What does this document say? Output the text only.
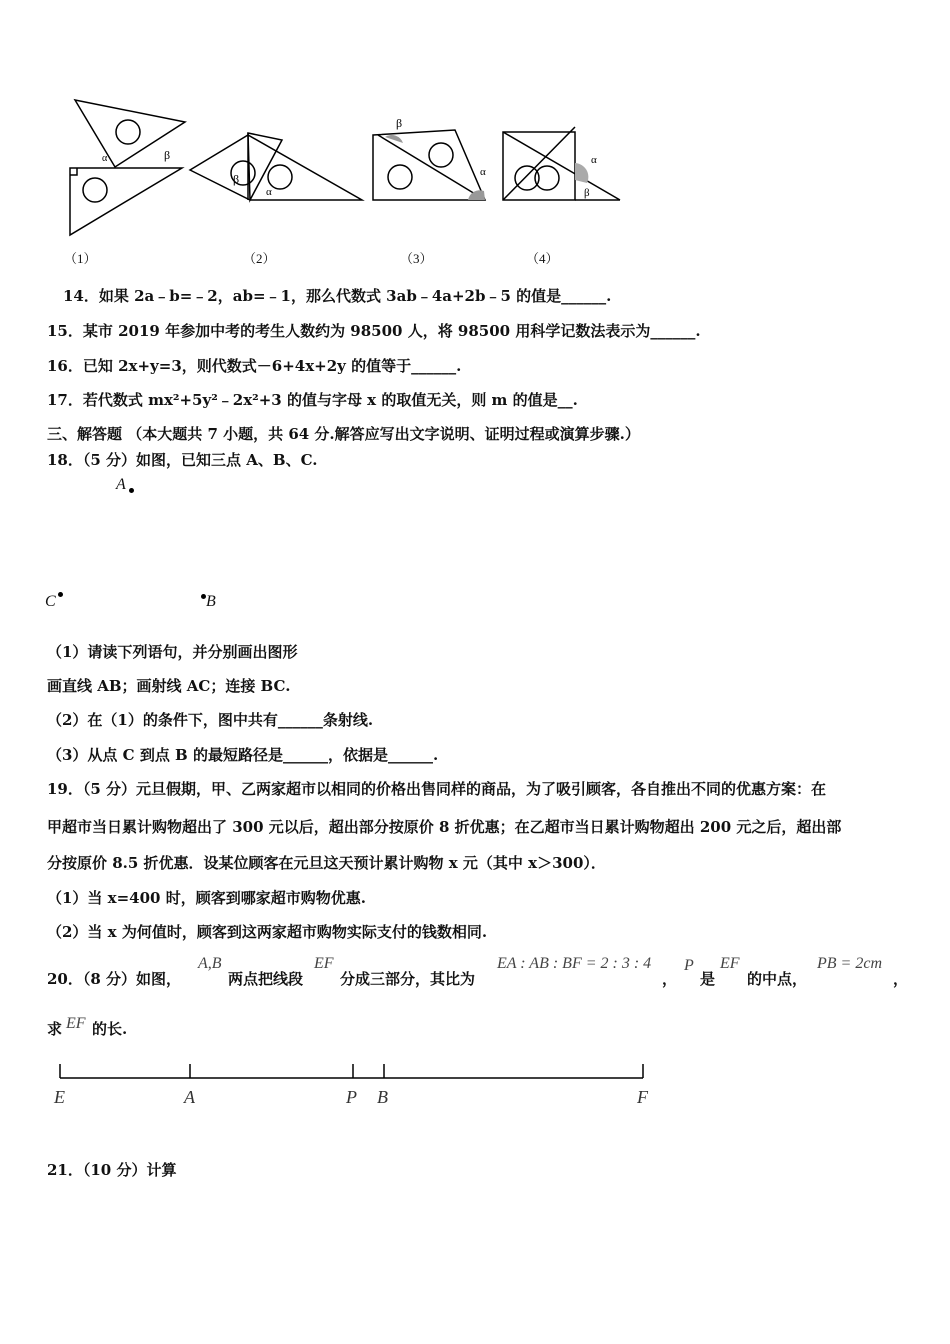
α	β
β
α
β
α
α
β
（1）	（2）	（3）	（4）
14．如果 2a﹣b=﹣2，ab=﹣1，那么代数式 3ab﹣4a+2b﹣5 的值是______.
15．某市 2019 年参加中考的考生人数约为 98500 人，将 98500 用科学记数法表示为______.
16．已知 2x+y=3，则代数式－6+4x+2y 的值等于______.
17．若代数式 mx²+5y²﹣2x²+3 的值与字母 x 的取值无关，则 m 的值是__.
三、解答题 （本大题共 7 小题，共 64 分.解答应写出文字说明、证明过程或演算步骤.）
18．（5 分）如图，已知三点 A、B、C.
A
C	B
（1）请读下列语句，并分别画出图形
画直线 AB；画射线 AC；连接 BC.
（2）在（1）的条件下，图中共有______条射线.
（3）从点 C 到点 B 的最短路径是______，依据是______.
19．（5 分）元旦假期，甲、乙两家超市以相同的价格出售同样的商品，为了吸引顾客，各自推出不同的优惠方案：在
甲超市当日累计购物超出了 300 元以后，超出部分按原价 8 折优惠；在乙超市当日累计购物超出 200 元之后，超出部
分按原价 8.5 折优惠．设某位顾客在元旦这天预计累计购物 x 元（其中 x＞300）．
（1）当 x=400 时，顾客到哪家超市购物优惠.
（2）当 x 为何值时，顾客到这两家超市购物实际支付的钱数相同.
20．（8 分）如图，
A,B
两点把线段
EF
分成三部分，其比为
EA : AB : BF = 2 : 3 : 4
，
P
是
EF
的中点，
PB = 2cm
，
求 EF 的长.
E	A	P B	F
21．（10 分）计算
